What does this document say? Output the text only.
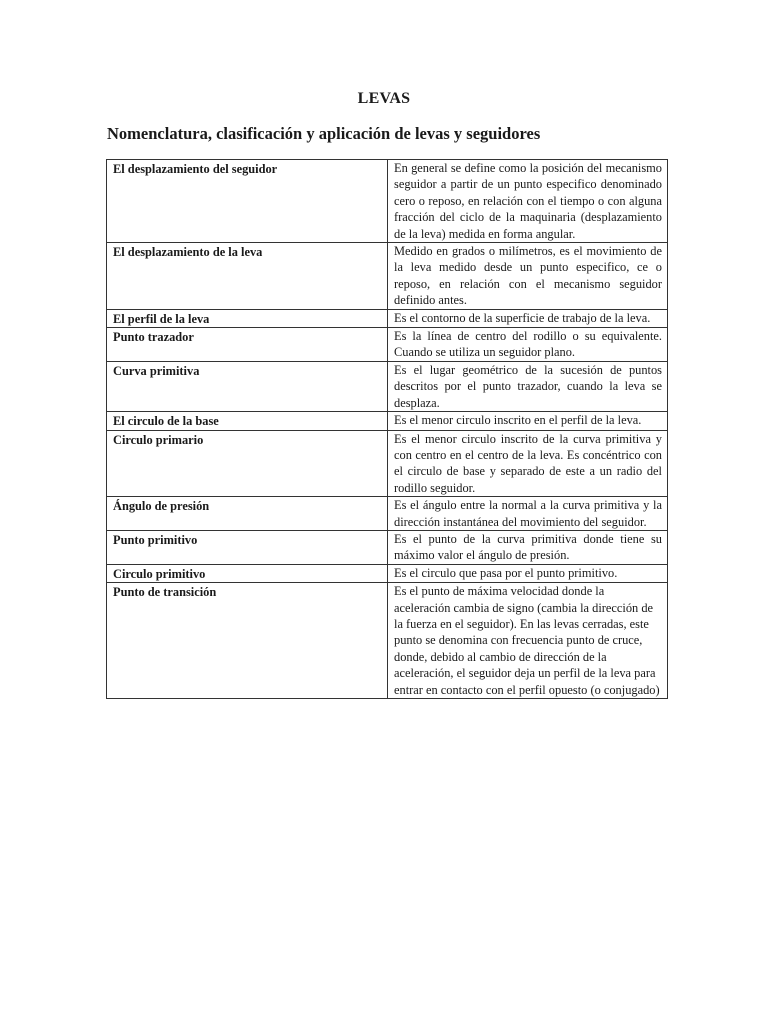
LEVAS
Nomenclatura, clasificación y aplicación de levas y seguidores
El desplazamiento del seguidor	En general se define como la posición del mecanismo seguidor a partir de un punto especifico denominado cero o reposo, en relación con el tiempo o con alguna fracción del ciclo de la maquinaria (desplazamiento de la leva) medida en forma angular.
El desplazamiento de la leva	Medido en grados o milímetros, es el movimiento de la leva medido desde un punto especifico, ce o reposo, en relación con el mecanismo seguidor definido antes.
El perfil de la leva	Es el contorno de la superficie de trabajo de la leva.
Punto trazador	Es la línea de centro del rodillo o su equivalente. Cuando se utiliza un seguidor plano.
Curva primitiva	Es el lugar geométrico de la sucesión de puntos descritos por el punto trazador, cuando la leva se desplaza.
El circulo de la base	Es el menor circulo inscrito en el perfil de la leva.
Circulo primario	Es el menor circulo inscrito de la curva primitiva y con centro en el centro de la leva. Es concéntrico con el circulo de base y separado de este a un radio del rodillo seguidor.
Ángulo de presión	Es el ángulo entre la normal a la curva primitiva y la dirección instantánea del movimiento del seguidor.
Punto primitivo	Es el punto de la curva primitiva donde tiene su máximo valor el ángulo de presión.
Circulo primitivo	Es el circulo que pasa por el punto primitivo.
Punto de transición	Es el punto de máxima velocidad donde la aceleración cambia de signo (cambia la dirección de la fuerza en el seguidor). En las levas cerradas, este punto se denomina con frecuencia punto de cruce, donde, debido al cambio de dirección de la aceleración, el seguidor deja un perfil de la leva para entrar en contacto con el perfil opuesto (o conjugado)
